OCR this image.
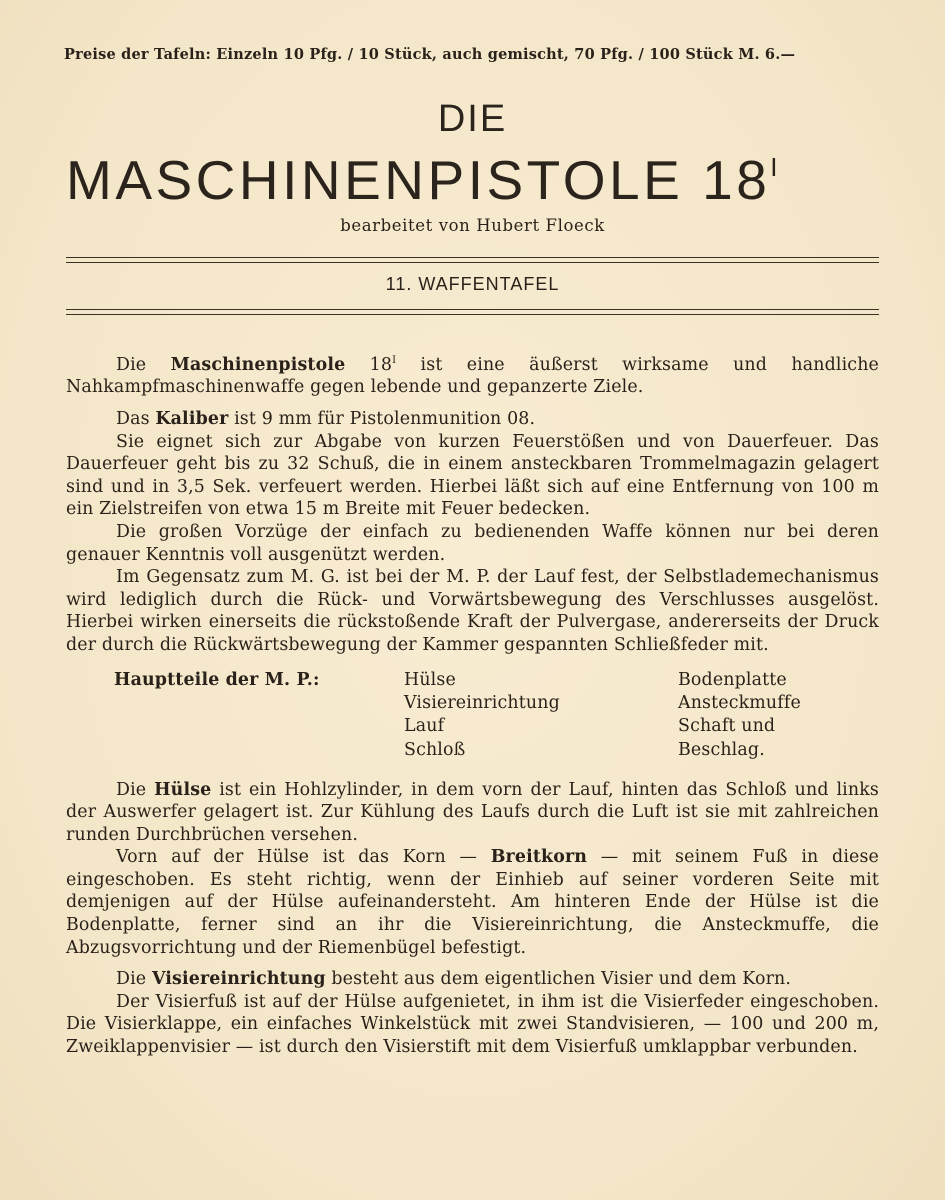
Preise der Tafeln: Einzeln 10 Pfg. / 10 Stück, auch gemischt, 70 Pfg. / 100 Stück M. 6.—
DIE
MASCHINENPISTOLE $18^I$
bearbeitet von Hubert Floeck
11. WAFFENTAFEL

Die Maschinenpistole $18^I$ ist eine äußerst wirksame und handliche Nahkampfmaschinenwaffe gegen lebende und gepanzerte Ziele.

Das Kaliber ist 9 mm für Pistolenmunition 08.

Sie eignet sich zur Abgabe von kurzen Feuerstößen und von Dauerfeuer. Das Dauerfeuer geht bis zu 32 Schuß, die in einem ansteckbaren Trommelmagazin gelagert sind und in 3,5 Sek. verfeuert werden. Hierbei läßt sich auf eine Entfernung von 100 m ein Zielstreifen von etwa 15 m Breite mit Feuer bedecken.

Die großen Vorzüge der einfach zu bedienenden Waffe können nur bei deren genauer Kenntnis voll ausgenützt werden.

Im Gegensatz zum M. G. ist bei der M. P. der Lauf fest, der Selbstlademechanismus wird lediglich durch die Rück- und Vorwärtsbewegung des Verschlusses ausgelöst. Hierbei wirken einerseits die rückstoßende Kraft der Pulvergase, andererseits der Druck der durch die Rückwärtsbewegung der Kammer gespannten Schließfeder mit.

Hauptteile der M. P.:	Hülse
Visiereinrichtung
Lauf
Schloß
Bodenplatte
Ansteckmuffe
Schaft und
Beschlag.

Die Hülse ist ein Hohlzylinder, in dem vorn der Lauf, hinten das Schloß und links der Auswerfer gelagert ist. Zur Kühlung des Laufs durch die Luft ist sie mit zahlreichen runden Durchbrüchen versehen.

Vorn auf der Hülse ist das Korn — Breitkorn — mit seinem Fuß in diese eingeschoben. Es steht richtig, wenn der Einhieb auf seiner vorderen Seite mit demjenigen auf der Hülse aufeinandersteht. Am hinteren Ende der Hülse ist die Bodenplatte, ferner sind an ihr die Visiereinrichtung, die Ansteckmuffe, die Abzugsvorrichtung und der Riemenbügel befestigt.

Die Visiereinrichtung besteht aus dem eigentlichen Visier und dem Korn.

Der Visierfuß ist auf der Hülse aufgenietet, in ihm ist die Visierfeder eingeschoben. Die Visierklappe, ein einfaches Winkelstück mit zwei Standvisieren, — 100 und 200 m, Zweiklappenvisier — ist durch den Visierstift mit dem Visierfuß umklappbar verbunden.
